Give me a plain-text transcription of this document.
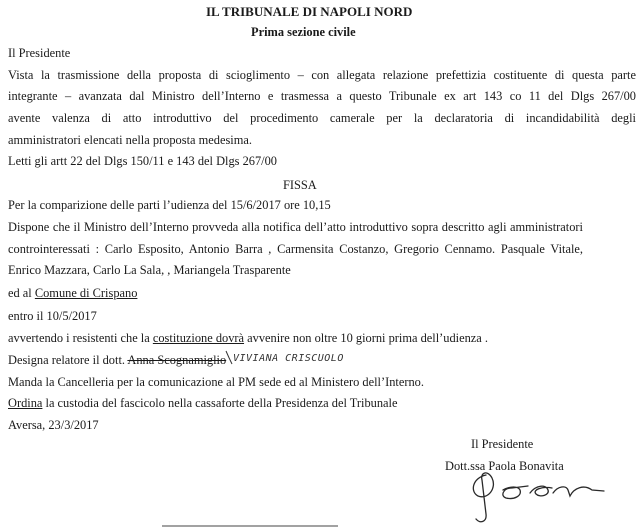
IL TRIBUNALE DI NAPOLI NORD
Prima sezione civile
Il Presidente
Vista la trasmissione della proposta di scioglimento – con allegata relazione prefettizia costituente di questa parte
integrante – avanzata dal Ministro dell’Interno e trasmessa a questo Tribunale ex art 143 co 11 del Dlgs 267/00
avente valenza di atto introduttivo del procedimento camerale per la declaratoria di incandidabilità degli
amministratori elencati nella proposta medesima.
Letti gli artt 22 del Dlgs 150/11 e 143 del Dlgs 267/00
FISSA
Per la comparizione delle parti l’udienza del 15/6/2017 ore 10,15
Dispone che il Ministro dell’Interno provveda alla notifica dell’atto introduttivo sopra descritto agli amministratori
controinteressati : Carlo Esposito, Antonio Barra , Carmensita Costanzo, Gregorio Cennamo. Pasquale Vitale,
Enrico Mazzara, Carlo La Sala, , Mariangela Trasparente
ed al Comune di Crispano
entro il 10/5/2017
avvertendo i resistenti che la costituzione dovrà avvenire non oltre 10 giorni prima dell’udienza .
Designa relatore il dott. Anna Scognamiglio VIVIANA CRISCUOLO
Manda la Cancelleria per la comunicazione al PM sede ed al Ministero dell’Interno.
Ordina la custodia del fascicolo nella cassaforte della Presidenza del Tribunale
Aversa, 23/3/2017
Il Presidente
Dott.ssa Paola Bonavita
